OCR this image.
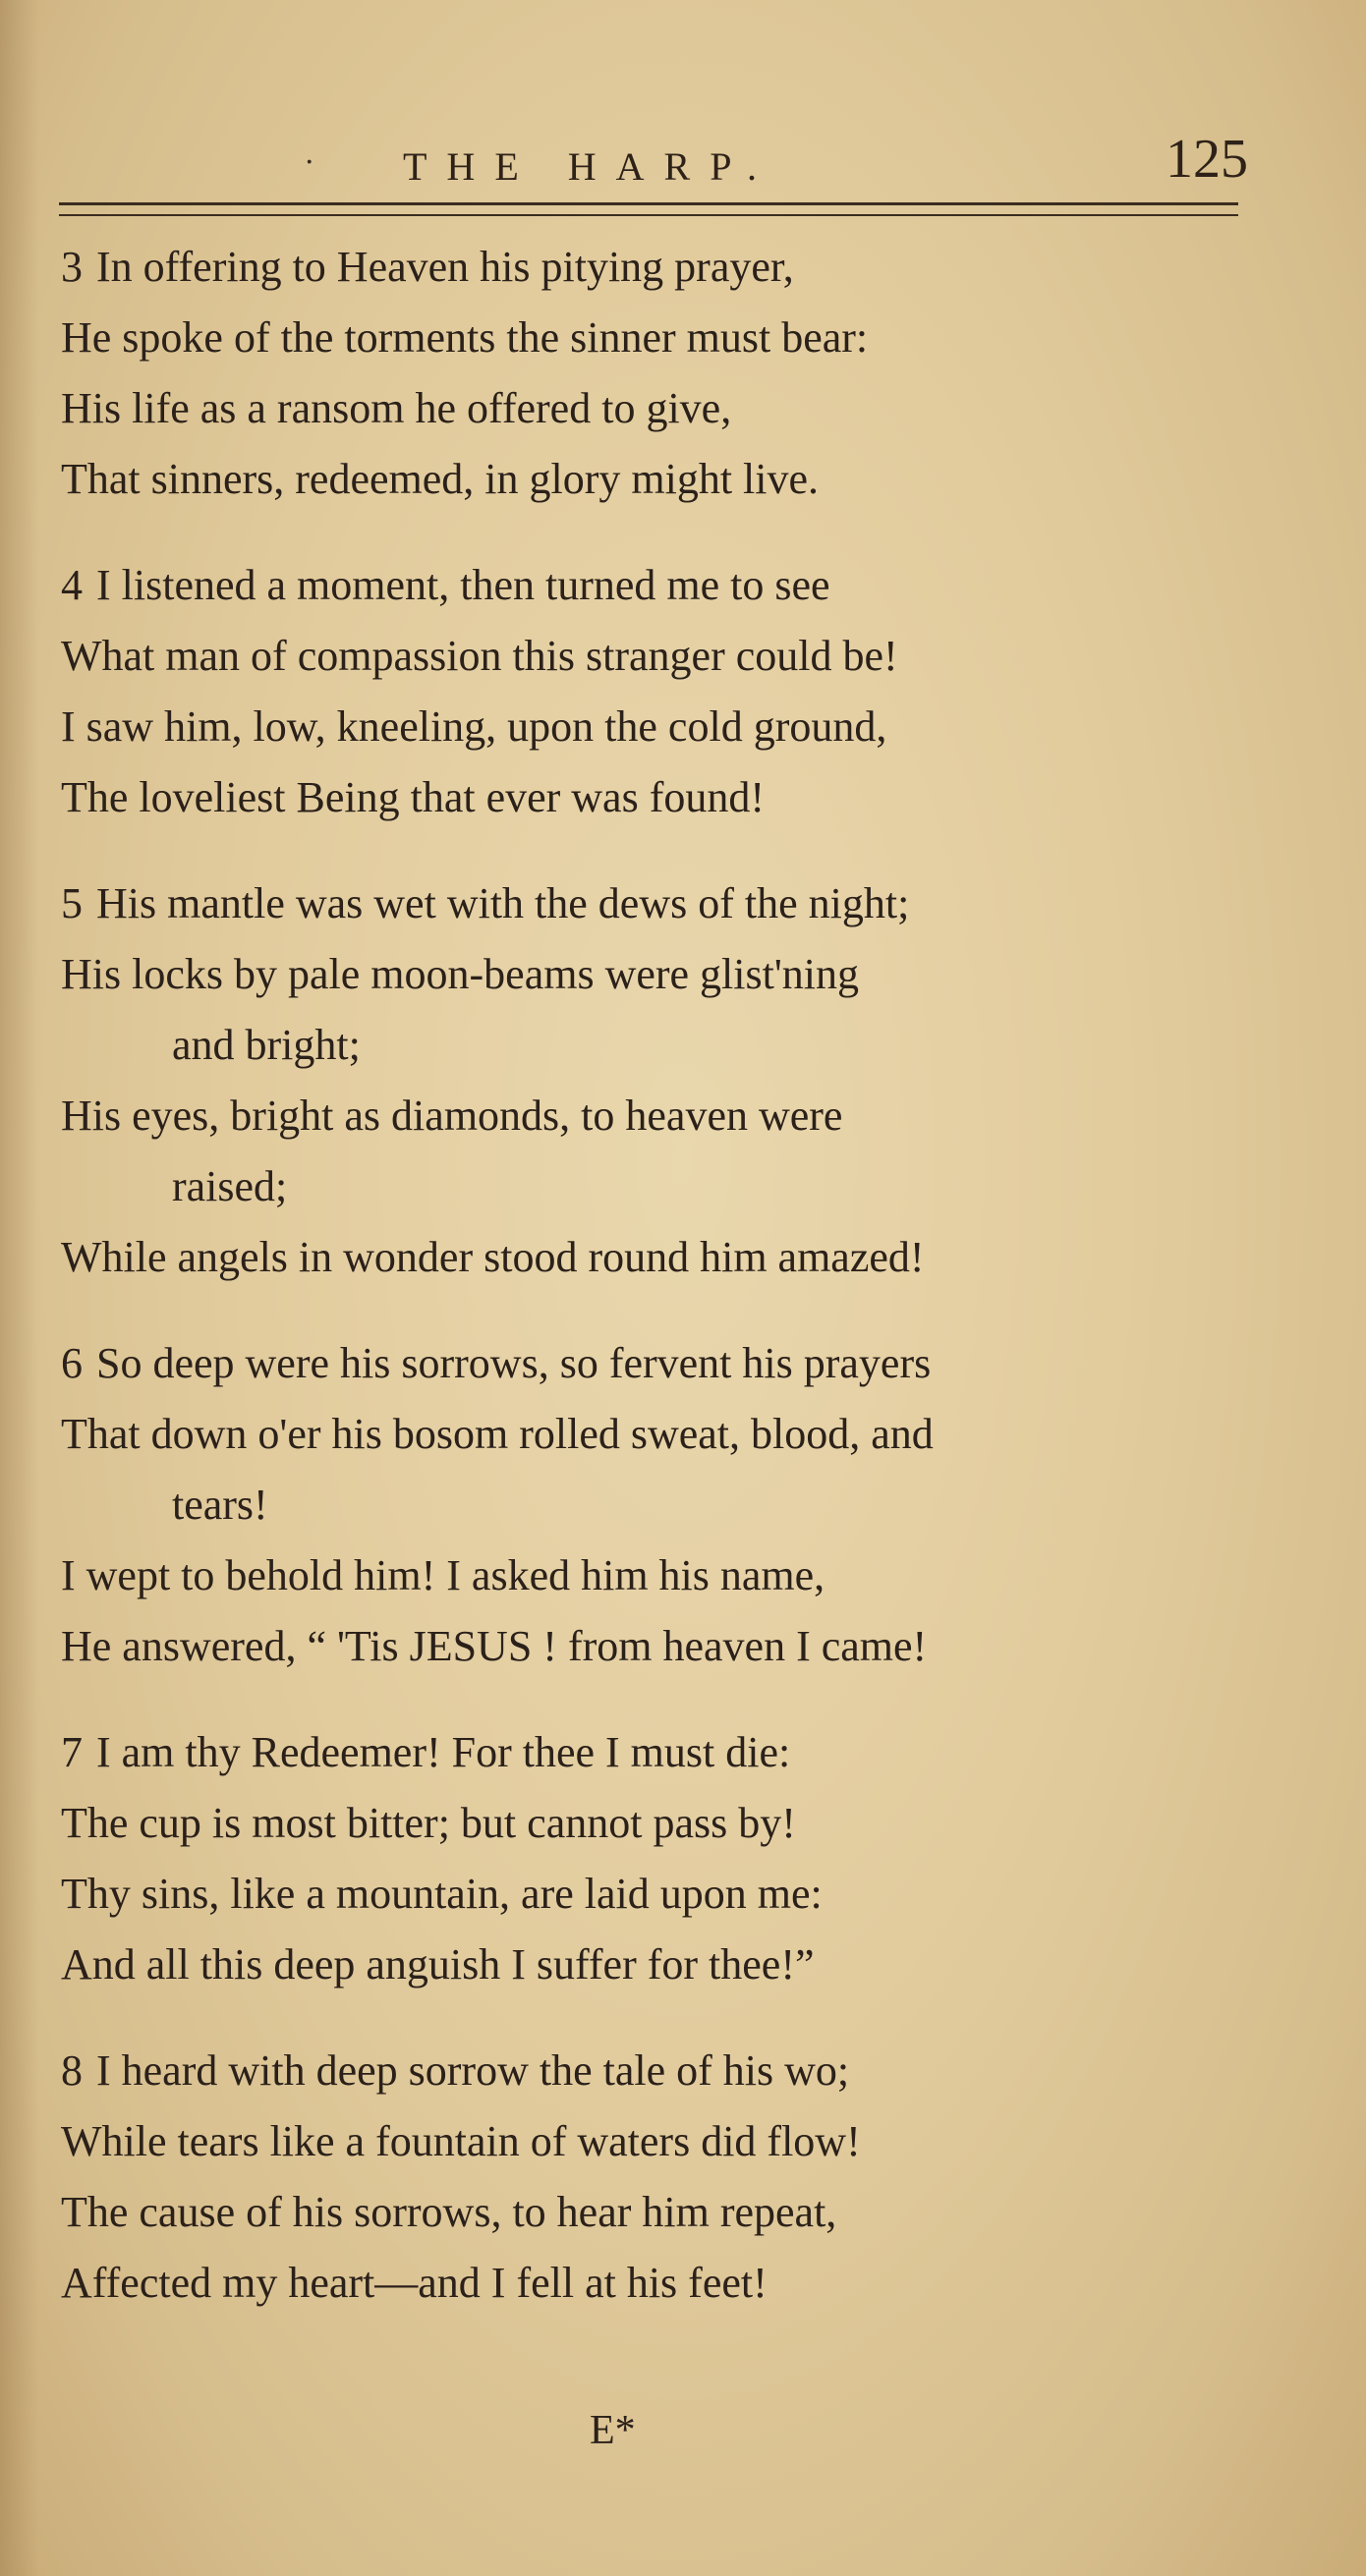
· THE HARP.	125
3 In offering to Heaven his pitying prayer,
He spoke of the torments the sinner must bear:
His life as a ransom he offered to give,
That sinners, redeemed, in glory might live.
4 I listened a moment, then turned me to see
What man of compassion this stranger could be!
I saw him, low, kneeling, upon the cold ground,
The loveliest Being that ever was found!
5 His mantle was wet with the dews of the night;
His locks by pale moon-beams were glist'ning
and bright;
His eyes, bright as diamonds, to heaven were
raised;
While angels in wonder stood round him amazed!
6 So deep were his sorrows, so fervent his prayers
That down o'er his bosom rolled sweat, blood, and
tears!
I wept to behold him! I asked him his name,
He answered, “ 'Tis JESUS ! from heaven I came!
7 I am thy Redeemer! For thee I must die:
The cup is most bitter; but cannot pass by!
Thy sins, like a mountain, are laid upon me:
And all this deep anguish I suffer for thee!”
8 I heard with deep sorrow the tale of his wo;
While tears like a fountain of waters did flow!
The cause of his sorrows, to hear him repeat,
Affected my heart—and I fell at his feet!
E*
